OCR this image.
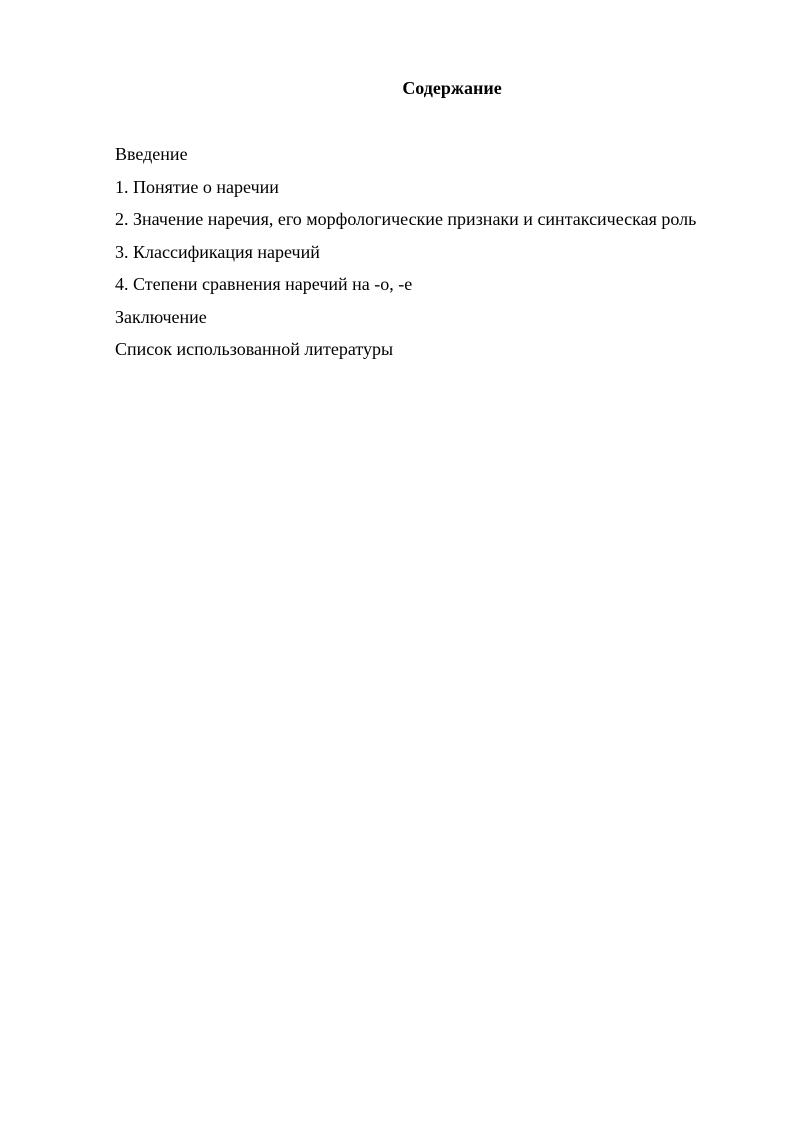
Содержание
Введение
1. Понятие о наречии
2. Значение наречия, его морфологические признаки и синтаксическая роль
3. Классификация наречий
4. Степени сравнения наречий на -о, -е
Заключение
Список использованной литературы
